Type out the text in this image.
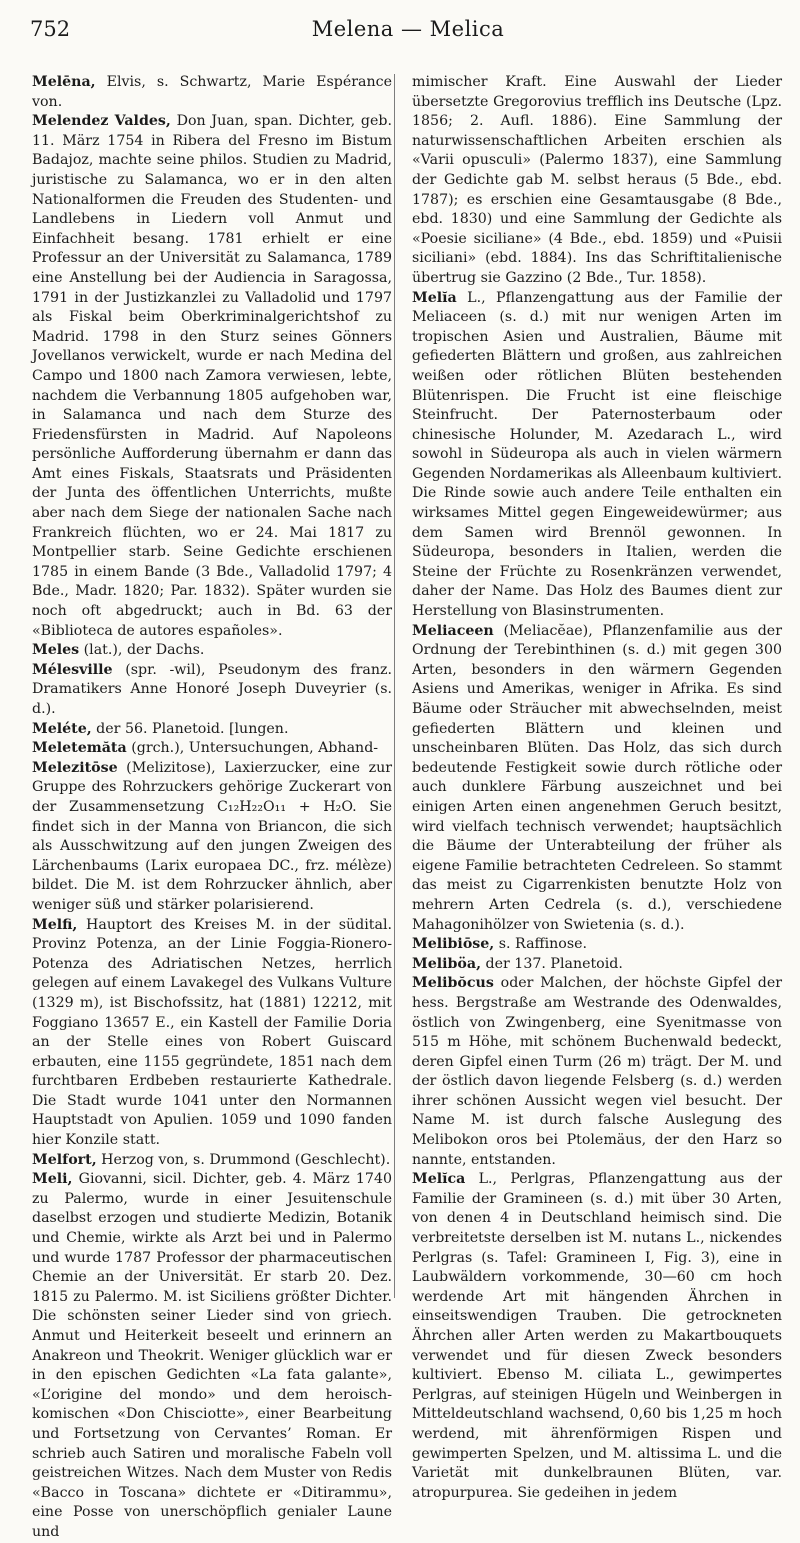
752	Melena — Melica

Melēna, Elvis, s. Schwartz, Marie Espérance von.

Melendez Valdes, Don Juan, span. Dichter, geb. 11. März 1754 in Ribera del Fresno im Bistum Badajoz, machte seine philos. Studien zu Madrid, juristische zu Salamanca, wo er in den alten Nationalformen die Freuden des Studenten- und Landlebens in Liedern voll Anmut und Einfachheit besang. 1781 erhielt er eine Professur an der Universität zu Salamanca, 1789 eine Anstellung bei der Audiencia in Saragossa, 1791 in der Justizkanzlei zu Valladolid und 1797 als Fiskal beim Oberkriminalgerichtshof zu Madrid. 1798 in den Sturz seines Gönners Jovellanos verwickelt, wurde er nach Medina del Campo und 1800 nach Zamora verwiesen, lebte, nachdem die Verbannung 1805 aufgehoben war, in Salamanca und nach dem Sturze des Friedensfürsten in Madrid. Auf Napoleons persönliche Aufforderung übernahm er dann das Amt eines Fiskals, Staatsrats und Präsidenten der Junta des öffentlichen Unterrichts, mußte aber nach dem Siege der nationalen Sache nach Frankreich flüchten, wo er 24. Mai 1817 zu Montpellier starb. Seine Gedichte erschienen 1785 in einem Bande (3 Bde., Valladolid 1797; 4 Bde., Madr. 1820; Par. 1832). Später wurden sie noch oft abgedruckt; auch in Bd. 63 der «Biblioteca de autores españoles».

Meles (lat.), der Dachs.

Mélesville (spr. -wil), Pseudonym des franz. Dramatikers Anne Honoré Joseph Duveyrier (s. d.).

Meléte, der 56. Planetoid. [lungen.

Meletemăta (grch.), Untersuchungen, Abhand-

Melezitōse (Melizitose), Laxierzucker, eine zur Gruppe des Rohrzuckers gehörige Zuckerart von der Zusammensetzung C₁₂H₂₂O₁₁ + H₂O. Sie findet sich in der Manna von Briancon, die sich als Ausschwitzung auf den jungen Zweigen des Lärchenbaums (Larix europaea DC., frz. mélèze) bildet. Die M. ist dem Rohrzucker ähnlich, aber weniger süß und stärker polarisierend.

Melfi, Hauptort des Kreises M. in der südital. Provinz Potenza, an der Linie Foggia-Rionero-Potenza des Adriatischen Netzes, herrlich gelegen auf einem Lavakegel des Vulkans Vulture (1329 m), ist Bischofssitz, hat (1881) 12212, mit Foggiano 13657 E., ein Kastell der Familie Doria an der Stelle eines von Robert Guiscard erbauten, eine 1155 gegründete, 1851 nach dem furchtbaren Erdbeben restaurierte Kathedrale. Die Stadt wurde 1041 unter den Normannen Hauptstadt von Apulien. 1059 und 1090 fanden hier Konzile statt.

Melfort, Herzog von, s. Drummond (Geschlecht).

Meli, Giovanni, sicil. Dichter, geb. 4. März 1740 zu Palermo, wurde in einer Jesuitenschule daselbst erzogen und studierte Medizin, Botanik und Chemie, wirkte als Arzt bei und in Palermo und wurde 1787 Professor der pharmaceutischen Chemie an der Universität. Er starb 20. Dez. 1815 zu Palermo. M. ist Siciliens größter Dichter. Die schönsten seiner Lieder sind von griech. Anmut und Heiterkeit beseelt und erinnern an Anakreon und Theokrit. Weniger glücklich war er in den epischen Gedichten «La fata galante», «L’origine del mondo» und dem heroisch-komischen «Don Chisciotte», einer Bearbeitung und Fortsetzung von Cervantes’ Roman. Er schrieb auch Satiren und moralische Fabeln voll geistreichen Witzes. Nach dem Muster von Redis «Bacco in Toscana» dichtete er «Ditirammu», eine Posse von unerschöpflich genialer Laune und

mimischer Kraft. Eine Auswahl der Lieder übersetzte Gregorovius trefflich ins Deutsche (Lpz. 1856; 2. Aufl. 1886). Eine Sammlung der naturwissenschaftlichen Arbeiten erschien als «Varii opusculi» (Palermo 1837), eine Sammlung der Gedichte gab M. selbst heraus (5 Bde., ebd. 1787); es erschien eine Gesamtausgabe (8 Bde., ebd. 1830) und eine Sammlung der Gedichte als «Poesie siciliane» (4 Bde., ebd. 1859) und «Puisii siciliani» (ebd. 1884). Ins das Schriftitalienische übertrug sie Gazzino (2 Bde., Tur. 1858).

Melĭa L., Pflanzengattung aus der Familie der Meliaceen (s. d.) mit nur wenigen Arten im tropischen Asien und Australien, Bäume mit gefiederten Blättern und großen, aus zahlreichen weißen oder rötlichen Blüten bestehenden Blütenrispen. Die Frucht ist eine fleischige Steinfrucht. Der Paternosterbaum oder chinesische Holunder, M. Azedarach L., wird sowohl in Südeuropa als auch in vielen wärmern Gegenden Nordamerikas als Alleenbaum kultiviert. Die Rinde sowie auch andere Teile enthalten ein wirksames Mittel gegen Eingeweidewürmer; aus dem Samen wird Brennöl gewonnen. In Südeuropa, besonders in Italien, werden die Steine der Früchte zu Rosenkränzen verwendet, daher der Name. Das Holz des Baumes dient zur Herstellung von Blasinstrumenten.

Meliaceen (Meliacĕae), Pflanzenfamilie aus der Ordnung der Terebinthinen (s. d.) mit gegen 300 Arten, besonders in den wärmern Gegenden Asiens und Amerikas, weniger in Afrika. Es sind Bäume oder Sträucher mit abwechselnden, meist gefiederten Blättern und kleinen und unscheinbaren Blüten. Das Holz, das sich durch bedeutende Festigkeit sowie durch rötliche oder auch dunklere Färbung auszeichnet und bei einigen Arten einen angenehmen Geruch besitzt, wird vielfach technisch verwendet; hauptsächlich die Bäume der Unterabteilung der früher als eigene Familie betrachteten Cedreleen. So stammt das meist zu Cigarrenkisten benutzte Holz von mehrern Arten Cedrela (s. d.), verschiedene Mahagonihölzer von Swietenia (s. d.).

Melibiōse, s. Raffinose.

Meliböa, der 137. Planetoid.

Melibŏcus oder Malchen, der höchste Gipfel der hess. Bergstraße am Westrande des Odenwaldes, östlich von Zwingenberg, eine Syenitmasse von 515 m Höhe, mit schönem Buchenwald bedeckt, deren Gipfel einen Turm (26 m) trägt. Der M. und der östlich davon liegende Felsberg (s. d.) werden ihrer schönen Aussicht wegen viel besucht. Der Name M. ist durch falsche Auslegung des Melibokon oros bei Ptolemäus, der den Harz so nannte, entstanden.

Melĭca L., Perlgras, Pflanzengattung aus der Familie der Gramineen (s. d.) mit über 30 Arten, von denen 4 in Deutschland heimisch sind. Die verbreitetste derselben ist M. nutans L., nickendes Perlgras (s. Tafel: Gramineen I, Fig. 3), eine in Laubwäldern vorkommende, 30—60 cm hoch werdende Art mit hängenden Ährchen in einseitswendigen Trauben. Die getrockneten Ährchen aller Arten werden zu Makartbouquets verwendet und für diesen Zweck besonders kultiviert. Ebenso M. ciliata L., gewimpertes Perlgras, auf steinigen Hügeln und Weinbergen in Mitteldeutschland wachsend, 0,60 bis 1,25 m hoch werdend, mit ährenförmigen Rispen und gewimperten Spelzen, und M. altissima L. und die Varietät mit dunkelbraunen Blüten, var. atropurpurea. Sie gedeihen in jedem
